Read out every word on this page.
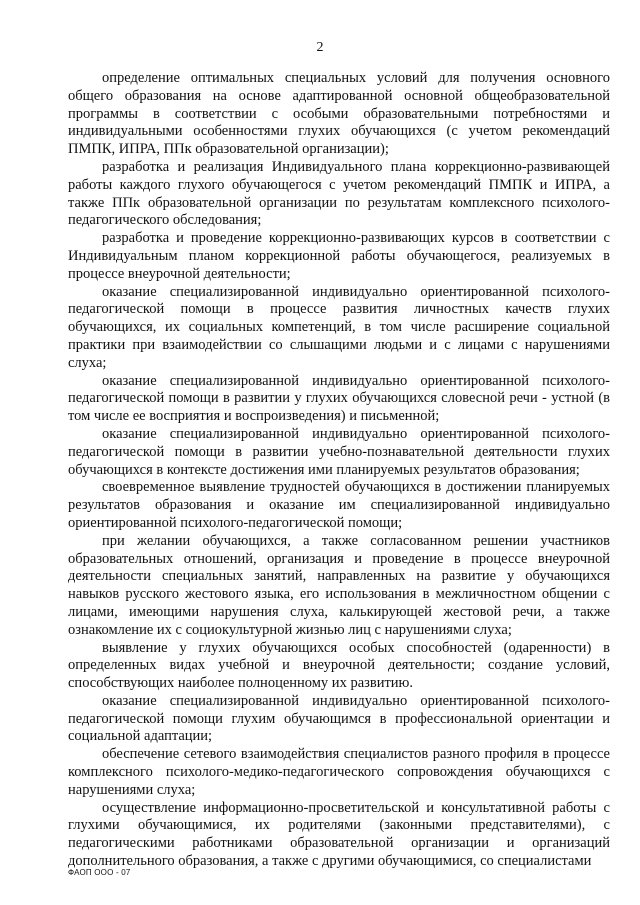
2

определение оптимальных специальных условий для получения основного общего образования на основе адаптированной основной общеобразовательной программы в соответствии с особыми образовательными потребностями и индивидуальными особенностями глухих обучающихся (с учетом рекомендаций ПМПК, ИПРА, ППк образовательной организации);

разработка и реализация Индивидуального плана коррекционно-развивающей работы каждого глухого обучающегося с учетом рекомендаций ПМПК и ИПРА, а также ППк образовательной организации по результатам комплексного психолого-педагогического обследования;

разработка и проведение коррекционно-развивающих курсов в соответствии с Индивидуальным планом коррекционной работы обучающегося, реализуемых в процессе внеурочной деятельности;

оказание специализированной индивидуально ориентированной психолого-педагогической помощи в процессе развития личностных качеств глухих обучающихся, их социальных компетенций, в том числе расширение социальной практики при взаимодействии со слышащими людьми и с лицами с нарушениями слуха;

оказание специализированной индивидуально ориентированной психолого-педагогической помощи в развитии у глухих обучающихся словесной речи - устной (в том числе ее восприятия и воспроизведения) и письменной;

оказание специализированной индивидуально ориентированной психолого-педагогической помощи в развитии учебно-познавательной деятельности глухих обучающихся в контексте достижения ими планируемых результатов образования;

своевременное выявление трудностей обучающихся в достижении планируемых результатов образования и оказание им специализированной индивидуально ориентированной психолого-педагогической помощи;

при желании обучающихся, а также согласованном решении участников образовательных отношений, организация и проведение в процессе внеурочной деятельности специальных занятий, направленных на развитие у обучающихся навыков русского жестового языка, его использования в межличностном общении с лицами, имеющими нарушения слуха, калькирующей жестовой речи, а также ознакомление их с социокультурной жизнью лиц с нарушениями слуха;

выявление у глухих обучающихся особых способностей (одаренности) в определенных видах учебной и внеурочной деятельности; создание условий, способствующих наиболее полноценному их развитию.

оказание специализированной индивидуально ориентированной психолого-педагогической помощи глухим обучающимся в профессиональной ориентации и социальной адаптации;

обеспечение сетевого взаимодействия специалистов разного профиля в процессе комплексного психолого-медико-педагогического сопровождения обучающихся с нарушениями слуха;

осуществление информационно-просветительской и консультативной работы с глухими обучающимися, их родителями (законными представителями), с педагогическими работниками образовательной организации и организаций дополнительного образования, а также с другими обучающимися, со специалистами

ФАОП ООО - 07
